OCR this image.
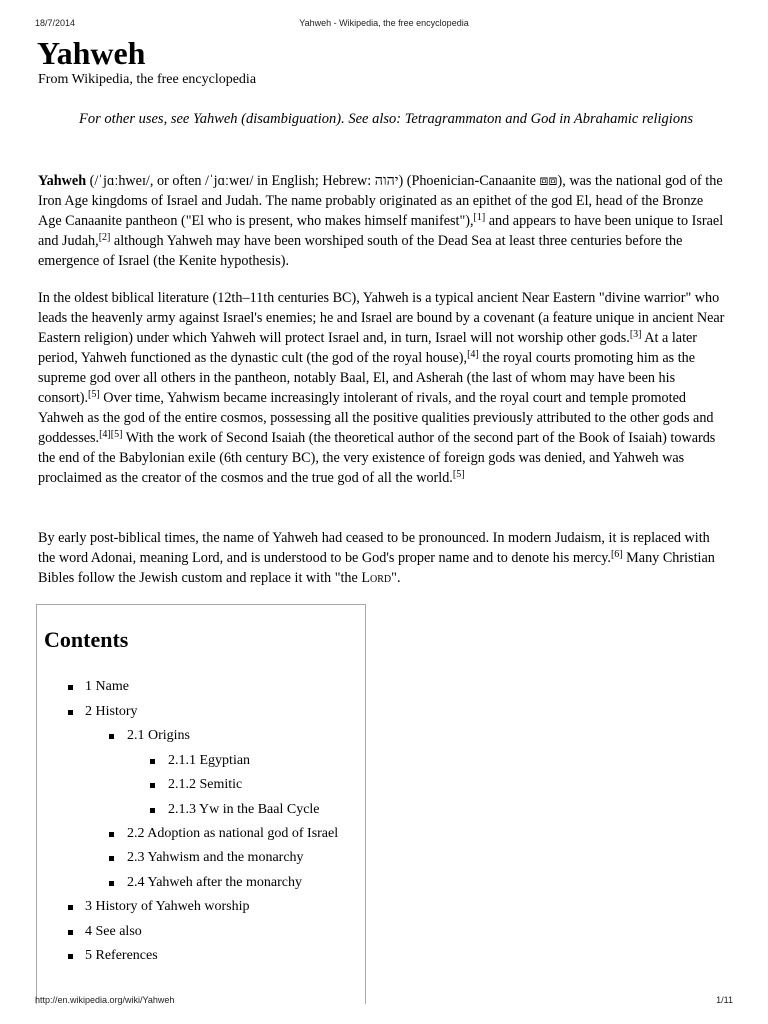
18/7/2014	Yahweh - Wikipedia, the free encyclopedia
Yahweh
From Wikipedia, the free encyclopedia
For other uses, see Yahweh (disambiguation). See also: Tetragrammaton and God in Abrahamic religions

Yahweh (/ˈjɑːhweɪ/, or often /ˈjɑːweɪ/ in English; Hebrew: יהוה) (Phoenician-Canaanite ⧈⧈), was the national god of the Iron Age kingdoms of Israel and Judah. The name probably originated as an epithet of the god El, head of the Bronze Age Canaanite pantheon ("El who is present, who makes himself manifest"),[1] and appears to have been unique to Israel and Judah,[2] although Yahweh may have been worshiped south of the Dead Sea at least three centuries before the emergence of Israel (the Kenite hypothesis).

In the oldest biblical literature (12th–11th centuries BC), Yahweh is a typical ancient Near Eastern "divine warrior" who leads the heavenly army against Israel's enemies; he and Israel are bound by a covenant (a feature unique in ancient Near Eastern religion) under which Yahweh will protect Israel and, in turn, Israel will not worship other gods.[3] At a later period, Yahweh functioned as the dynastic cult (the god of the royal house),[4] the royal courts promoting him as the supreme god over all others in the pantheon, notably Baal, El, and Asherah (the last of whom may have been his consort).[5] Over time, Yahwism became increasingly intolerant of rivals, and the royal court and temple promoted Yahweh as the god of the entire cosmos, possessing all the positive qualities previously attributed to the other gods and goddesses.[4][5] With the work of Second Isaiah (the theoretical author of the second part of the Book of Isaiah) towards the end of the Babylonian exile (6th century BC), the very existence of foreign gods was denied, and Yahweh was proclaimed as the creator of the cosmos and the true god of all the world.[5]

By early post-biblical times, the name of Yahweh had ceased to be pronounced. In modern Judaism, it is replaced with the word Adonai, meaning Lord, and is understood to be God's proper name and to denote his mercy.[6] Many Christian Bibles follow the Jewish custom and replace it with "the Lord".

Contents
1 Name
2 History
2.1 Origins
2.1.1 Egyptian
2.1.2 Semitic
2.1.3 Yw in the Baal Cycle
2.2 Adoption as national god of Israel
2.3 Yahwism and the monarchy
2.4 Yahweh after the monarchy
3 History of Yahweh worship
4 See also
5 References
http://en.wikipedia.org/wiki/Yahweh	1/11
